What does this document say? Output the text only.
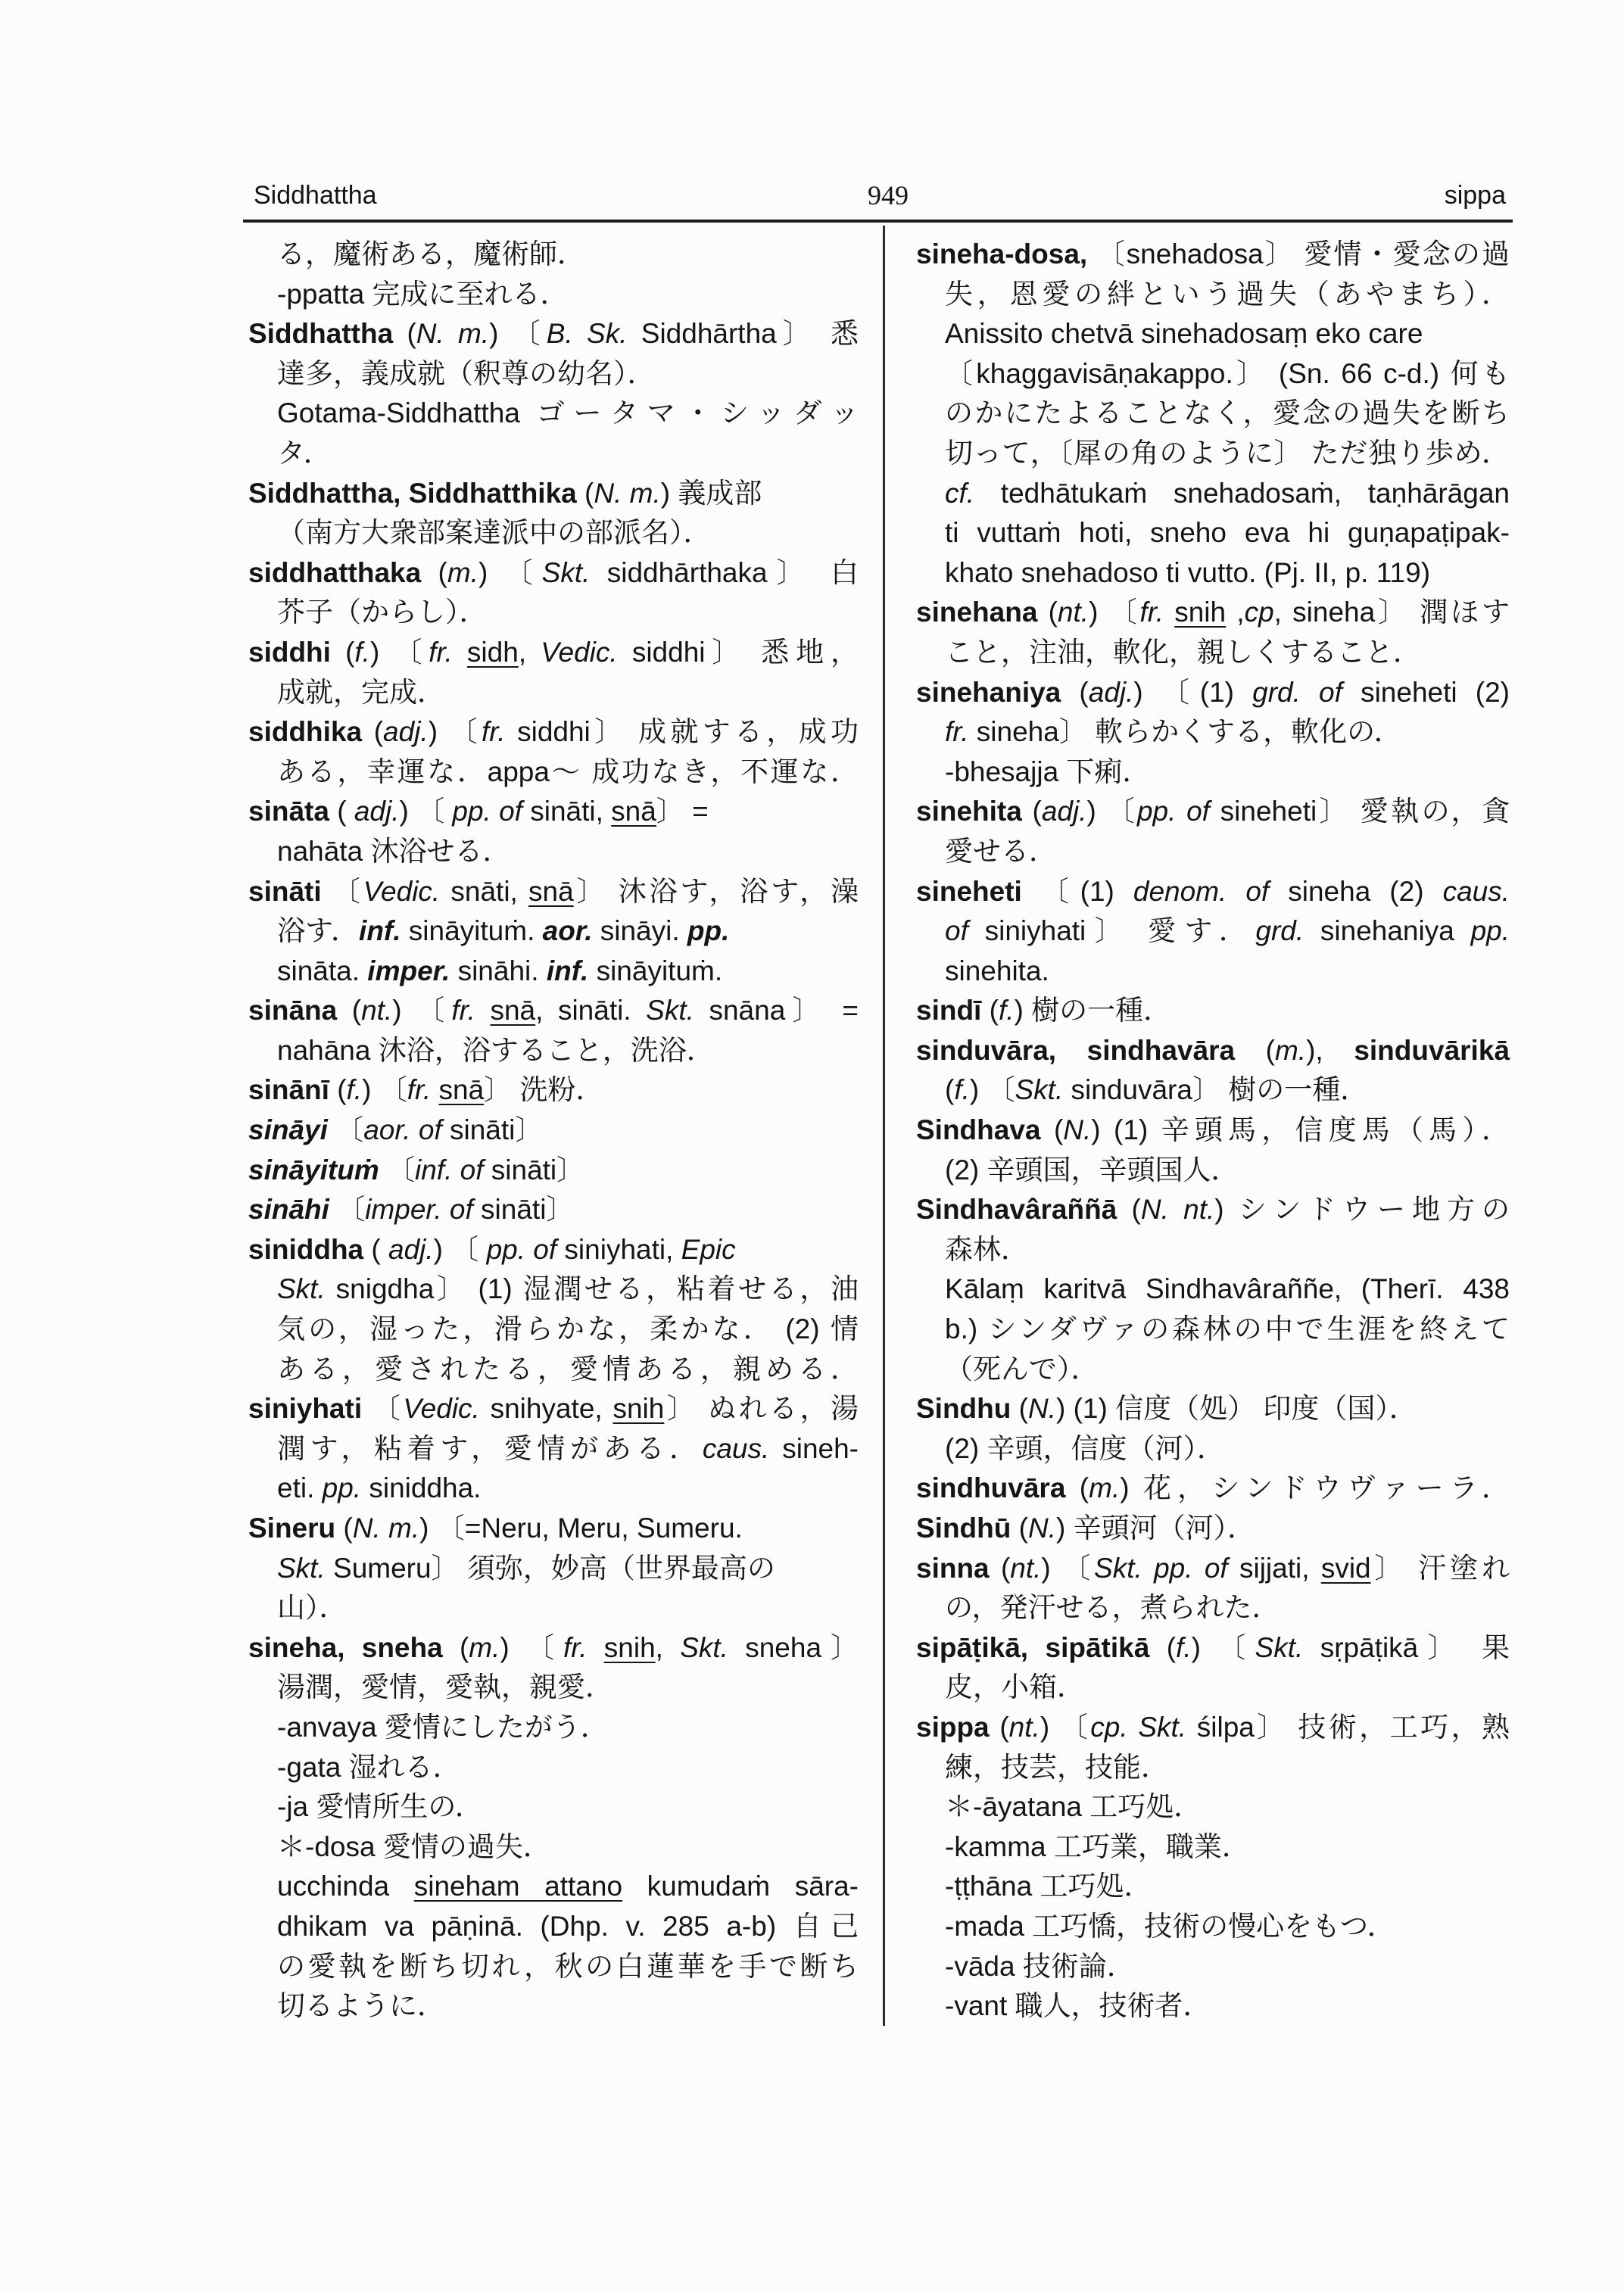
Siddhattha	949	sippa
る，魔術ある，魔術師．
-ppatta 完成に至れる．
Siddhattha (N. m.) 〔B. Sk. Siddhārtha〕 悉
達多，義成就（釈尊の幼名）．
Gotama-Siddhattha ゴータマ・シッダッ
タ．
Siddhattha, Siddhatthika (N. m.) 義成部
（南方大衆部案達派中の部派名）．
siddhatthaka (m.) 〔Skt. siddhārthaka〕 白
芥子（からし）．
siddhi (f.) 〔fr. sidh, Vedic. siddhi〕 悉地，
成就，完成．
siddhika (adj.) 〔fr. siddhi〕 成就する，成功
ある，幸運な．appa～ 成功なき，不運な．
sināta ( adj.) 〔 pp. of sināti, snā〕 =
nahāta 沐浴せる．
sināti 〔Vedic. snāti, snā〕 沐浴す，浴す，澡
浴す．inf. sināyituṁ. aor. sināyi. pp.
sināta. imper. sināhi. inf. sināyituṁ.
sināna (nt.) 〔fr. snā, sināti. Skt. snāna〕 =
nahāna 沐浴，浴すること，洗浴．
sinānī (f.) 〔fr. snā〕 洗粉．
sināyi 〔aor. of sināti〕
sināyituṁ 〔inf. of sināti〕
sināhi 〔imper. of sināti〕
siniddha ( adj.) 〔 pp. of siniyhati, Epic
Skt. snigdha〕 (1) 湿潤せる，粘着せる，油
気の，湿った，滑らかな，柔かな． (2) 情
ある，愛されたる，愛情ある，親める．
siniyhati 〔Vedic. snihyate, snih〕 ぬれる，湯
潤す，粘着す，愛情がある．caus. sineh-
eti. pp. siniddha.
Sineru (N. m.) 〔=Neru, Meru, Sumeru.
Skt. Sumeru〕 須弥，妙高（世界最高の
山）．
sineha, sneha (m.) 〔fr. snih, Skt. sneha〕
湯潤，愛情，愛執，親愛．
-anvaya 愛情にしたがう．
-gata 湿れる．
-ja 愛情所生の．
＊-dosa 愛情の過失．
ucchinda sineham attano kumudaṁ sāra-
dhikam va pāṇinā. (Dhp. v. 285 a-b) 自己
の愛執を断ち切れ，秋の白蓮華を手で断ち
切るように．
sineha-dosa, 〔snehadosa〕 愛情・愛念の過
失，恩愛の絆という過失（あやまち）．
Anissito chetvā sinehadosaṃ eko care
〔khaggavisāṇakappo.〕 (Sn. 66 c-d.) 何も
のかにたよることなく，愛念の過失を断ち
切って，〔犀の角のように〕 ただ独り歩め．
cf. tedhātukaṁ snehadosaṁ, taṇhārāgan
ti vuttaṁ hoti, sneho eva hi guṇapaṭipak-
khato snehadoso ti vutto. (Pj. II, p. 119)
sinehana (nt.) 〔fr. snih ,cp, sineha〕 潤ほす
こと，注油，軟化，親しくすること．
sinehaniya (adj.) 〔(1) grd. of sineheti (2)
fr. sineha〕 軟らかくする，軟化の．
-bhesajja 下痢．
sinehita (adj.) 〔pp. of sineheti〕 愛執の，貪
愛せる．
sineheti 〔(1) denom. of sineha (2) caus.
of siniyhati〕 愛す．grd. sinehaniya pp.
sinehita.
sindī (f.) 樹の一種．
sinduvāra, sindhavāra (m.), sinduvārikā
(f.) 〔Skt. sinduvāra〕 樹の一種．
Sindhava (N.) (1) 辛頭馬，信度馬（馬）．
(2) 辛頭国，辛頭国人．
Sindhavâraññā (N. nt.) シンドウー地方の
森林．
Kālaṃ karitvā Sindhavâraññe, (Therī. 438
b.) シンダヴァの森林の中で生涯を終えて
（死んで）．
Sindhu (N.) (1) 信度（処） 印度（国）．
(2) 辛頭，信度（河）．
sindhuvāra (m.) 花，シンドウヴァーラ．
Sindhū (N.) 辛頭河（河）．
sinna (nt.) 〔Skt. pp. of sijjati, svid〕 汗塗れ
の，発汗せる，煮られた．
sipāṭikā, sipātikā (f.) 〔Skt. sṛpāṭikā〕 果
皮，小箱．
sippa (nt.) 〔cp. Skt. śilpa〕 技術，工巧，熟
練，技芸，技能．
＊-āyatana 工巧処．
-kamma 工巧業，職業．
-ṭṭhāna 工巧処．
-mada 工巧憍，技術の慢心をもつ．
-vāda 技術論．
-vant 職人，技術者．
